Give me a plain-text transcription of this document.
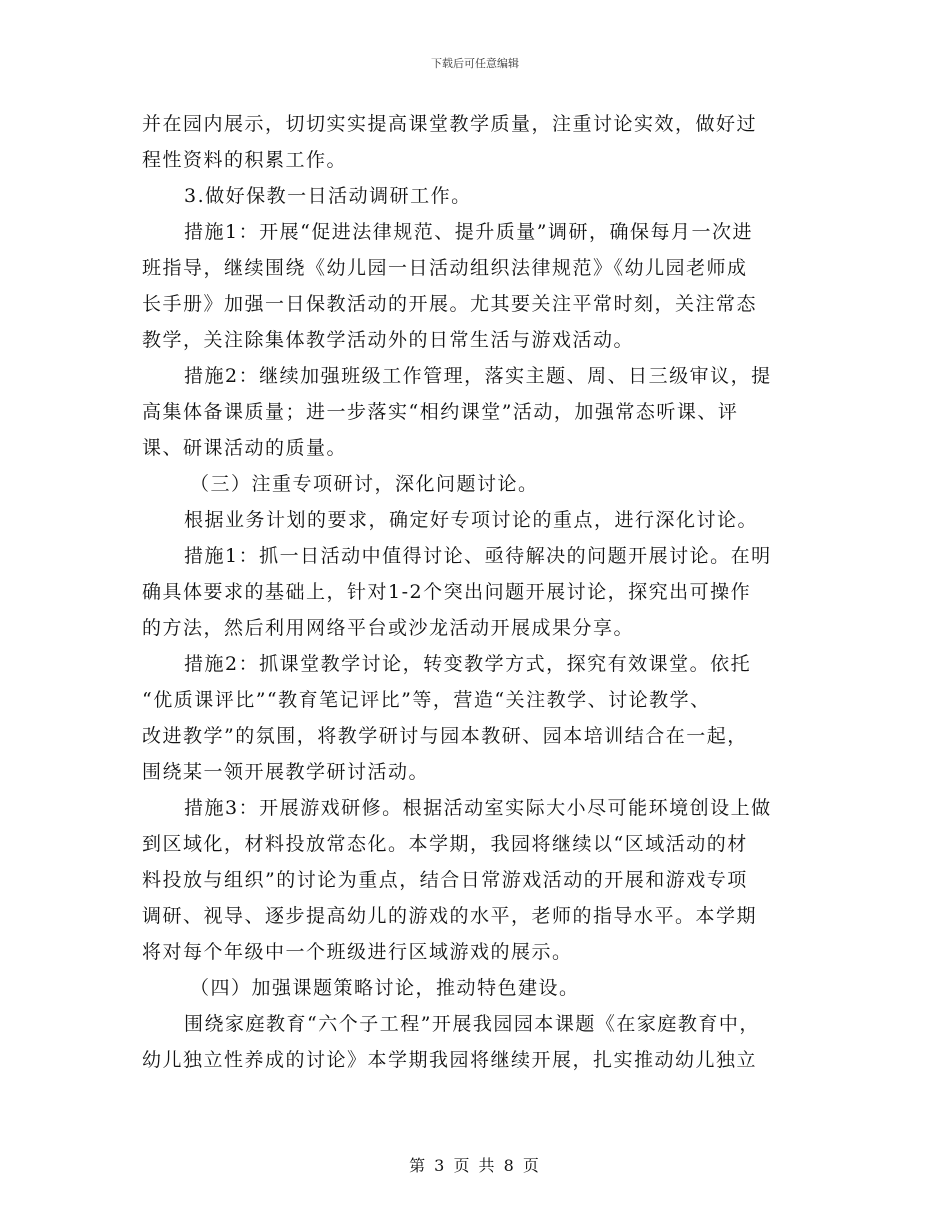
下载后可任意编辑
并在园内展示，切切实实提高课堂教学质量，注重讨论实效，做好过
程性资料的积累工作。
3.做好保教一日活动调研工作。
措施1：开展“促进法律规范、提升质量”调研，确保每月一次进
班指导，继续围绕《幼儿园一日活动组织法律规范》《幼儿园老师成
长手册》加强一日保教活动的开展。尤其要关注平常时刻，关注常态
教学，关注除集体教学活动外的日常生活与游戏活动。
措施2：继续加强班级工作管理，落实主题、周、日三级审议，提
高集体备课质量；进一步落实“相约课堂”活动，加强常态听课、评
课、研课活动的质量。
（三）注重专项研讨，深化问题讨论。
根据业务计划的要求，确定好专项讨论的重点，进行深化讨论。
措施1：抓一日活动中值得讨论、亟待解决的问题开展讨论。在明
确具体要求的基础上，针对1-2个突出问题开展讨论，探究出可操作
的方法，然后利用网络平台或沙龙活动开展成果分享。
措施2：抓课堂教学讨论，转变教学方式，探究有效课堂。依托
“优质课评比”“教育笔记评比”等，营造“关注教学、讨论教学、
改进教学”的氛围，将教学研讨与园本教研、园本培训结合在一起，
围绕某一领开展教学研讨活动。
措施3：开展游戏研修。根据活动室实际大小尽可能环境创设上做
到区域化，材料投放常态化。本学期，我园将继续以“区域活动的材
料投放与组织”的讨论为重点，结合日常游戏活动的开展和游戏专项
调研、视导、逐步提高幼儿的游戏的水平，老师的指导水平。本学期
将对每个年级中一个班级进行区域游戏的展示。
（四）加强课题策略讨论，推动特色建设。
围绕家庭教育“六个子工程”开展我园园本课题《在家庭教育中，
幼儿独立性养成的讨论》本学期我园将继续开展，扎实推动幼儿独立
第 3 页 共 8 页
